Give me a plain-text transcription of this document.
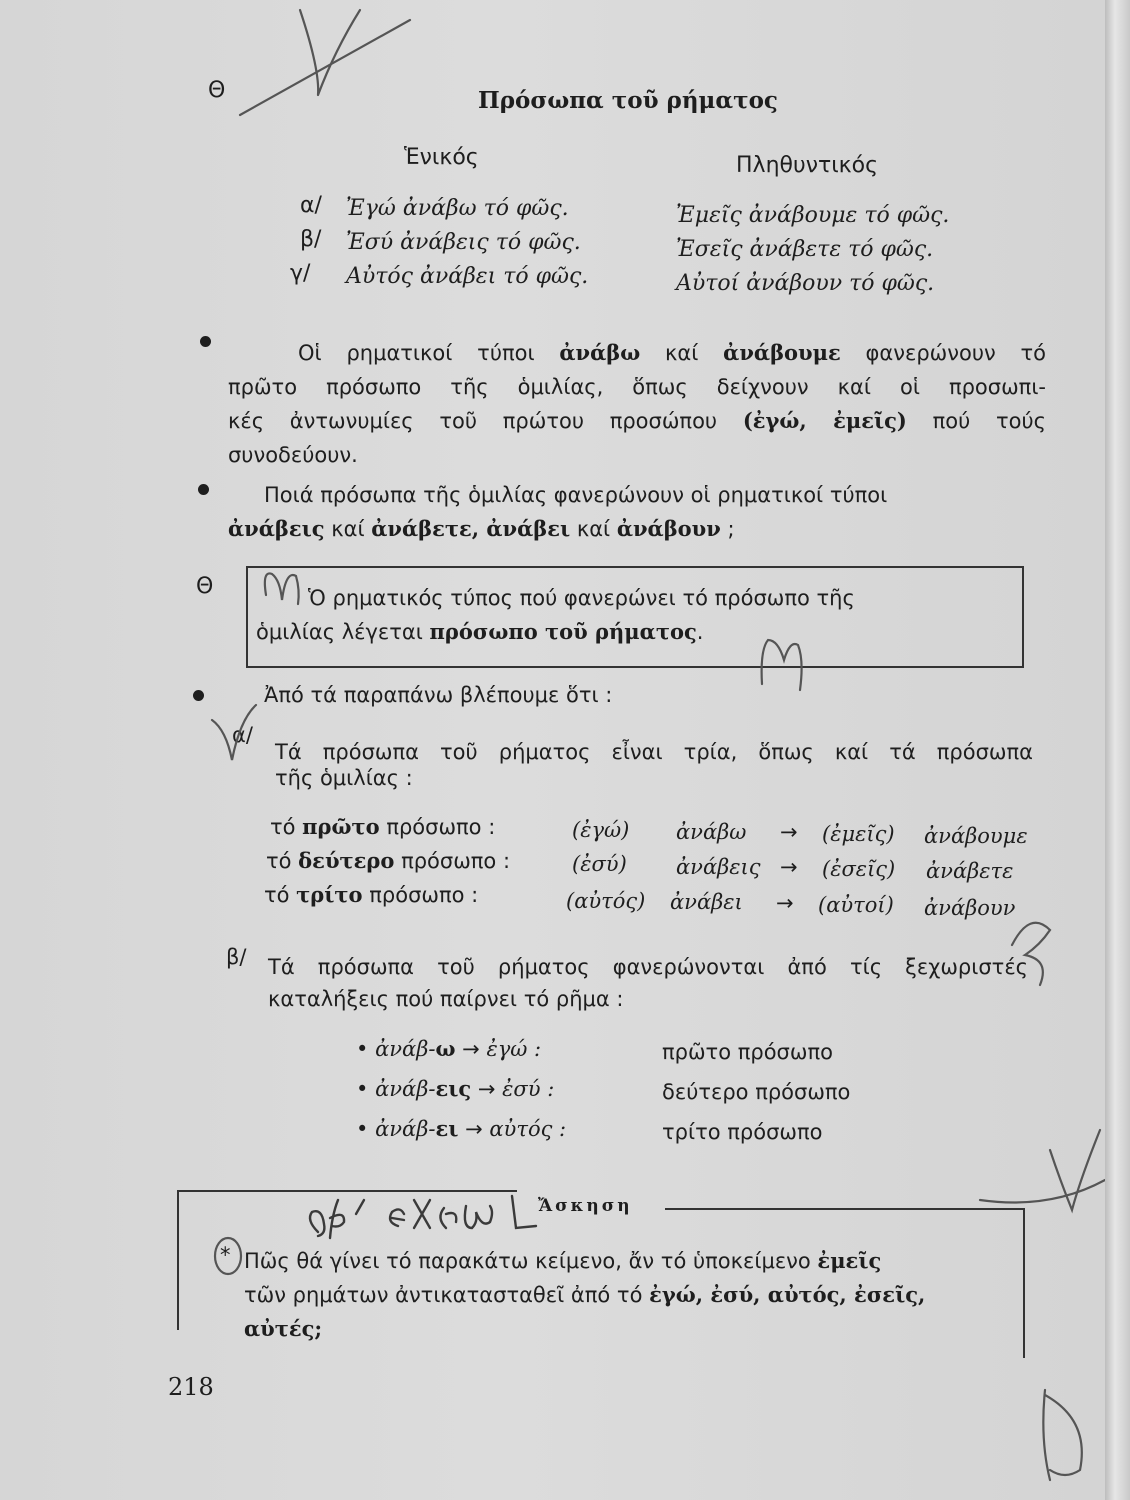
Θ	Πρόσωπα τοῦ ρήματος
Ἑνικός	Πληθυντικός
α/ Ἐγώ ἀνάβω τό φῶς.	Ἐμεῖς ἀνάβουμε τό φῶς.
β/ Ἐσύ ἀνάβεις τό φῶς.	Ἐσεῖς ἀνάβετε τό φῶς.
γ/ Αὐτός ἀνάβει τό φῶς.	Αὐτοί ἀνάβουν τό φῶς.
Οἱ ρηματικοί τύποι ἀνάβω καί ἀνάβουμε φανερώνουν τό
πρῶτο πρόσωπο τῆς ὁμιλίας, ὅπως δείχνουν καί οἱ προσωπι-
κές ἀντωνυμίες τοῦ πρώτου προσώπου (ἐγώ, ἐμεῖς) πού τούς
συνοδεύουν.
Ποιά πρόσωπα τῆς ὁμιλίας φανερώνουν οἱ ρηματικοί τύποι
ἀνάβεις καί ἀνάβετε, ἀνάβει καί ἀνάβουν ;
Θ	Ὁ ρηματικός τύπος πού φανερώνει τό πρόσωπο τῆς
ὁμιλίας λέγεται πρόσωπο τοῦ ρήματος.
Ἀπό τά παραπάνω βλέπουμε ὅτι :
α/
Τά πρόσωπα τοῦ ρήματος εἶναι τρία, ὅπως καί τά πρόσωπα
τῆς ὁμιλίας :
τό πρῶτο πρόσωπο :	(ἐγώ) ἀνάβω → (ἐμεῖς) ἀνάβουμε
τό δεύτερο πρόσωπο :	(ἐσύ) ἀνάβεις → (ἐσεῖς) ἀνάβετε
τό τρίτο πρόσωπο :	(αὐτός) ἀνάβει → (αὐτοί) ἀνάβουν
β/ Τά πρόσωπα τοῦ ρήματος φανερώνονται ἀπό τίς ξεχωριστές
καταλήξεις πού παίρνει τό ρῆμα :
• ἀνάβ-ω → ἐγώ :	πρῶτο πρόσωπο
• ἀνάβ-εις → ἐσύ :	δεύτερο πρόσωπο
• ἀνάβ-ει → αὐτός :	τρίτο πρόσωπο
Ἄσκηση
* Πῶς θά γίνει τό παρακάτω κείμενο, ἄν τό ὑποκείμενο ἐμεῖς
τῶν ρημάτων ἀντικατασταθεῖ ἀπό τό ἐγώ, ἐσύ, αὐτός, ἐσεῖς,
αὐτές;
218
